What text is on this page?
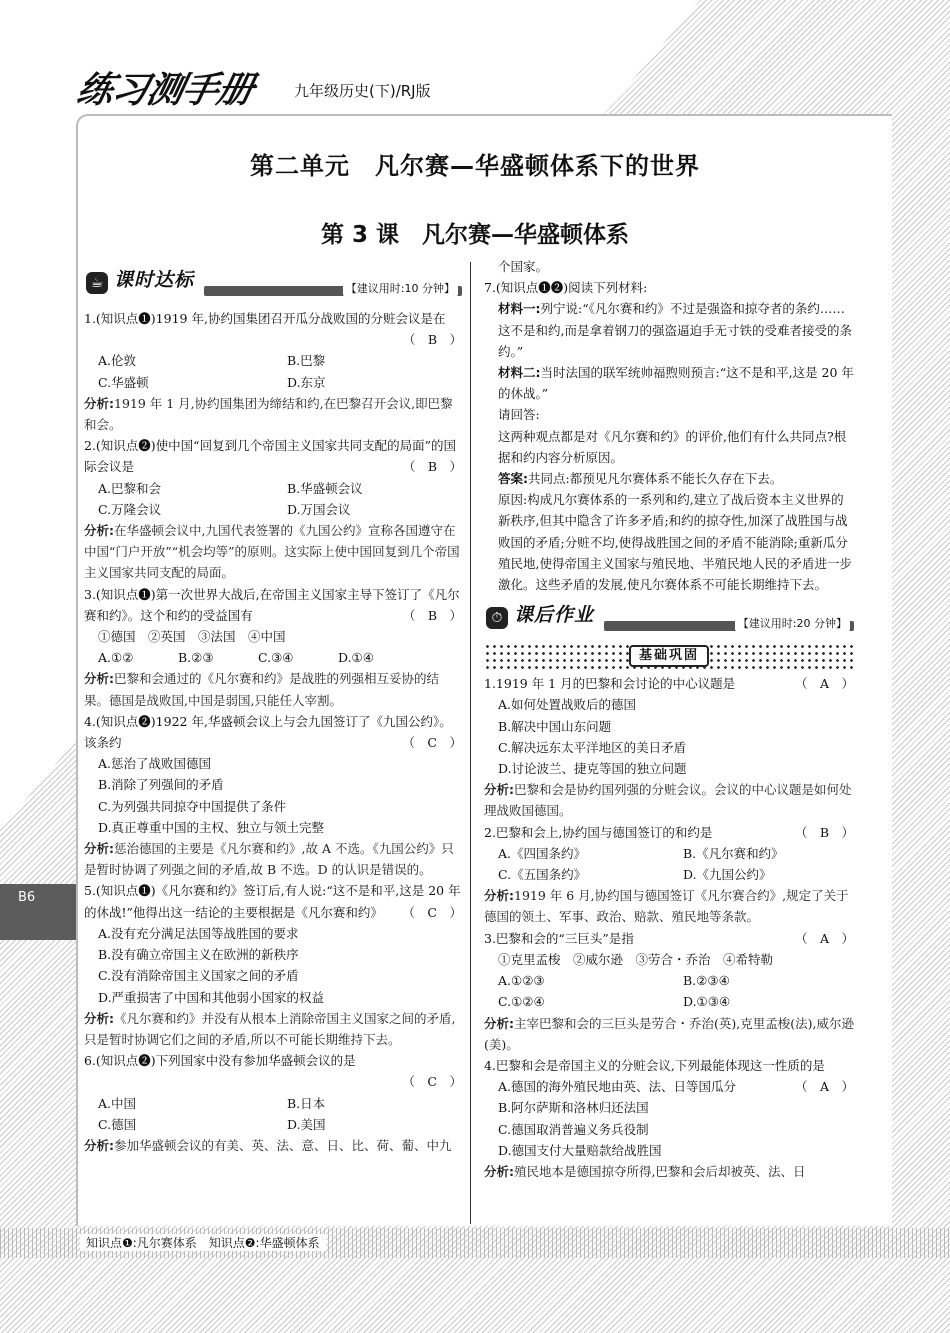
练习测手册 九年级历史(下)/RJ版
B6
第二单元　凡尔赛—华盛顿体系下的世界
第 3 课　凡尔赛—华盛顿体系
☕ 课时达标	【建议用时:10 分钟】

1.(知识点❶)1919 年,协约国集团召开瓜分战败国的分赃会议是在

（　B　）

A.伦敦	B.巴黎
C.华盛顿	D.东京

分析:1919 年 1 月,协约国集团为缔结和约,在巴黎召开会议,即巴黎和会。

2.(知识点❷)使中国“回复到几个帝国主义国家共同支配的局面”的国际会议是	（　B　）

A.巴黎和会	B.华盛顿会议
C.万隆会议	D.万国会议

分析:在华盛顿会议中,九国代表签署的《九国公约》宣称各国遵守在中国“门户开放”“机会均等”的原则。这实际上使中国回复到几个帝国主义国家共同支配的局面。

3.(知识点❶)第一次世界大战后,在帝国主义国家主导下签订了《凡尔赛和约》。这个和约的受益国有	（　B　）

①德国　②英国　③法国　④中国

A.①②	B.②③	C.③④	D.①④

分析:巴黎和会通过的《凡尔赛和约》是战胜的列强相互妥协的结果。德国是战败国,中国是弱国,只能任人宰割。

4.(知识点❷)1922 年,华盛顿会议上与会九国签订了《九国公约》。该条约	（　C　）

A.惩治了战败国德国

B.消除了列强间的矛盾

C.为列强共同掠夺中国提供了条件

D.真正尊重中国的主权、独立与领土完整

分析:惩治德国的主要是《凡尔赛和约》,故 A 不选。《九国公约》只是暂时协调了列强之间的矛盾,故 B 不选。D 的认识是错误的。

5.(知识点❶)《凡尔赛和约》签订后,有人说:“这不是和平,这是 20 年的休战!”他得出这一结论的主要根据是《凡尔赛和约》 （　C　）

A.没有充分满足法国等战胜国的要求

B.没有确立帝国主义在欧洲的新秩序

C.没有消除帝国主义国家之间的矛盾

D.严重损害了中国和其他弱小国家的权益

分析:《凡尔赛和约》并没有从根本上消除帝国主义国家之间的矛盾,只是暂时协调它们之间的矛盾,所以不可能长期维持下去。

6.(知识点❷)下列国家中没有参加华盛顿会议的是

（　C　）

A.中国	B.日本
C.德国	D.美国

分析:参加华盛顿会议的有美、英、法、意、日、比、荷、葡、中九

个国家。

7.(知识点❶❷)阅读下列材料:

材料一:列宁说:“《凡尔赛和约》不过是强盗和掠夺者的条约……这不是和约,而是拿着钢刀的强盗逼迫手无寸铁的受难者接受的条约。”

材料二:当时法国的联军统帅福煦则预言:“这不是和平,这是 20 年的休战。”

请回答:

这两种观点都是对《凡尔赛和约》的评价,他们有什么共同点?根据和约内容分析原因。

答案:共同点:都预见凡尔赛体系不能长久存在下去。

原因:构成凡尔赛体系的一系列和约,建立了战后资本主义世界的新秩序,但其中隐含了许多矛盾;和约的掠夺性,加深了战胜国与战败国的矛盾;分赃不均,使得战胜国之间的矛盾不能消除;重新瓜分殖民地,使得帝国主义国家与殖民地、半殖民地人民的矛盾进一步激化。这些矛盾的发展,使凡尔赛体系不可能长期维持下去。

⏱ 课后作业	【建议用时:20 分钟】
基础巩固

1.1919 年 1 月的巴黎和会讨论的中心议题是	（　A　）

A.如何处置战败后的德国

B.解决中国山东问题

C.解决远东太平洋地区的美日矛盾

D.讨论波兰、捷克等国的独立问题

分析:巴黎和会是协约国列强的分赃会议。会议的中心议题是如何处理战败国德国。

2.巴黎和会上,协约国与德国签订的和约是	（　B　）

A.《四国条约》	B.《凡尔赛和约》
C.《五国条约》	D.《九国公约》

分析:1919 年 6 月,协约国与德国签订《凡尔赛合约》,规定了关于德国的领土、军事、政治、赔款、殖民地等条款。

3.巴黎和会的“三巨头”是指	（　A　）

①克里孟梭　②威尔逊　③劳合・乔治　④希特勒

A.①②③	B.②③④
C.①②④	D.①③④

分析:主宰巴黎和会的三巨头是劳合・乔治(英),克里孟梭(法),威尔逊(美)。

4.巴黎和会是帝国主义的分赃会议,下列最能体现这一性质的是
（　A　）

A.德国的海外殖民地由英、法、日等国瓜分

B.阿尔萨斯和洛林归还法国

C.德国取消普遍义务兵役制

D.德国支付大量赔款给战胜国

分析:殖民地本是德国掠夺所得,巴黎和会后却被英、法、日

知识点❶:凡尔赛体系　知识点❷:华盛顿体系
